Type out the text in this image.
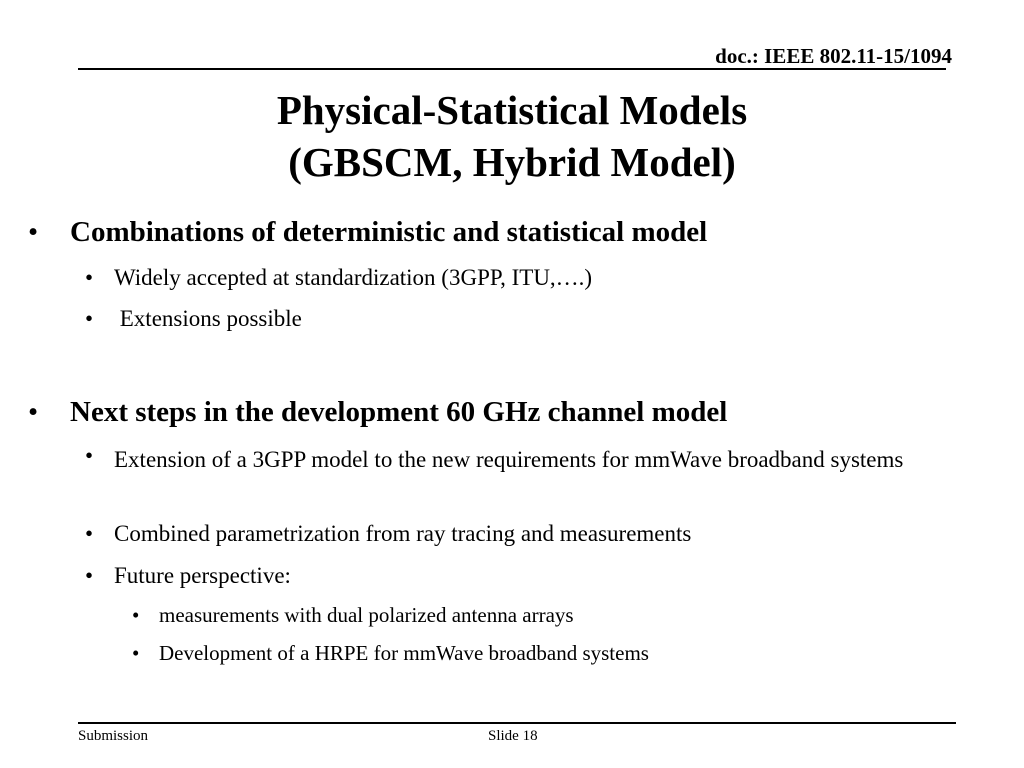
doc.: IEEE 802.11-15/1094
Physical-Statistical Models
(GBSCM, Hybrid Model)
• Combinations of deterministic and statistical model
• Widely accepted at standardization (3GPP, ITU,….)
• Extensions possible
• Next steps in the development 60 GHz channel model
• Extension of a 3GPP model to the new requirements for mmWave broadband systems
• Combined parametrization from ray tracing and measurements
• Future perspective:
• measurements with dual polarized antenna arrays
• Development of a HRPE for mmWave broadband systems
Submission	Slide 18
